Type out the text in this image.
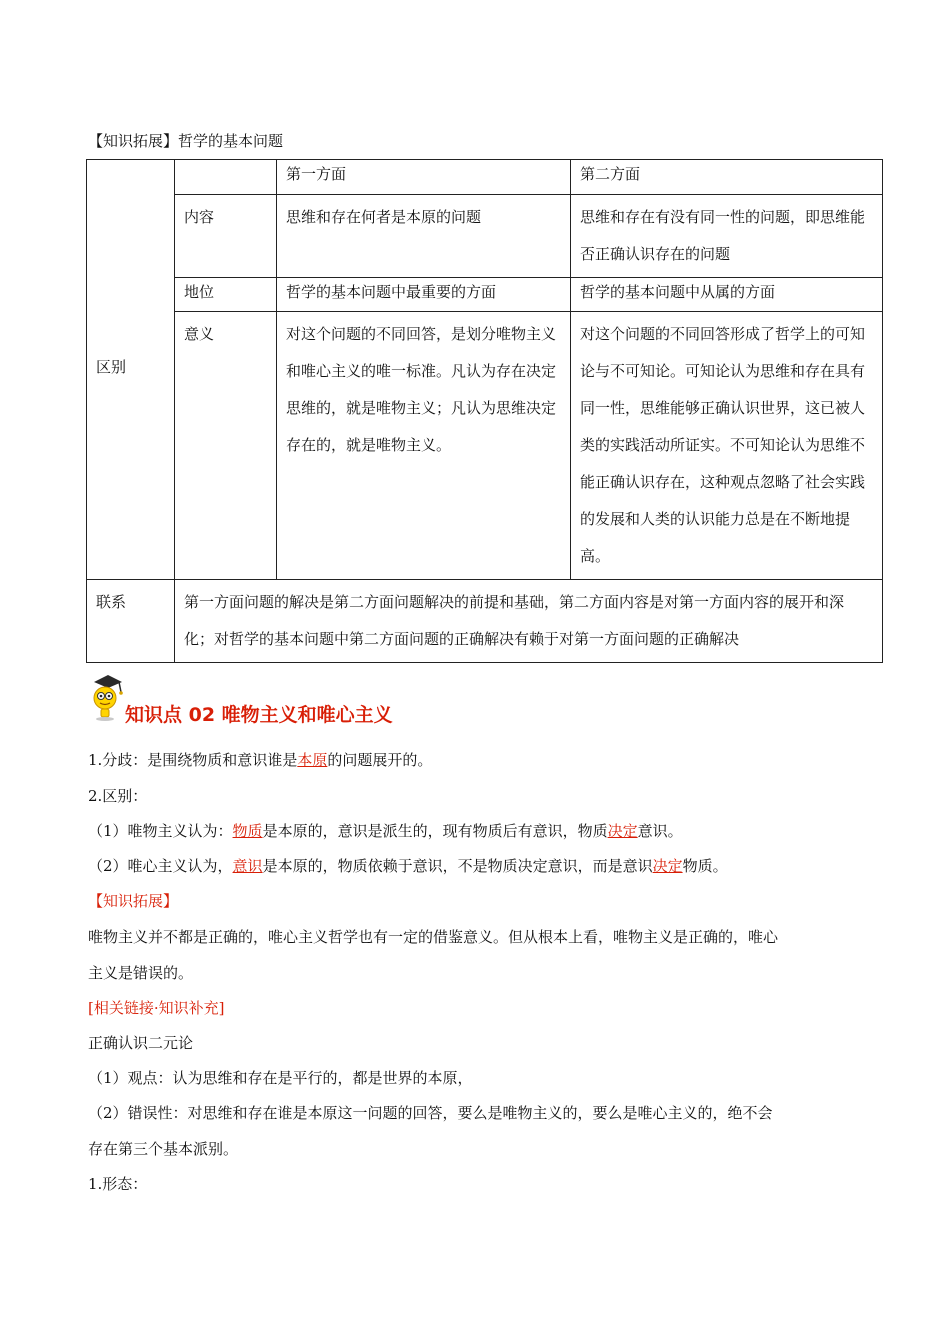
【知识拓展】哲学的基本问题
区别		第一方面	第二方面
	内容	思维和存在何者是本原的问题	思维和存在有没有同一性的问题，即思维能否正确认识存在的问题
	地位	哲学的基本问题中最重要的方面	哲学的基本问题中从属的方面
	意义	对这个问题的不同回答，是划分唯物主义和唯心主义的唯一标准。凡认为存在决定思维的，就是唯物主义；凡认为思维决定存在的，就是唯物主义。	对这个问题的不同回答形成了哲学上的可知论与不可知论。可知论认为思维和存在具有同一性，思维能够正确认识世界，这已被人类的实践活动所证实。不可知论认为思维不能正确认识存在，这种观点忽略了社会实践的发展和人类的认识能力总是在不断地提高。
联系	第一方面问题的解决是第二方面问题解决的前提和基础，第二方面内容是对第一方面内容的展开和深化；对哲学的基本问题中第二方面问题的正确解决有赖于对第一方面问题的正确解决		
知识点 02 唯物主义和唯心主义
1.分歧：是围绕物质和意识谁是本原的问题展开的。
2.区别：
（1）唯物主义认为：物质是本原的，意识是派生的，现有物质后有意识，物质决定意识。
（2）唯心主义认为，意识是本原的，物质依赖于意识，不是物质决定意识，而是意识决定物质。
【知识拓展】
唯物主义并不都是正确的，唯心主义哲学也有一定的借鉴意义。但从根本上看，唯物主义是正确的，唯心
主义是错误的。
[相关链接·知识补充]
正确认识二元论
（1）观点：认为思维和存在是平行的，都是世界的本原，
（2）错误性：对思维和存在谁是本原这一问题的回答，要么是唯物主义的，要么是唯心主义的，绝不会
存在第三个基本派别。
1.形态：
